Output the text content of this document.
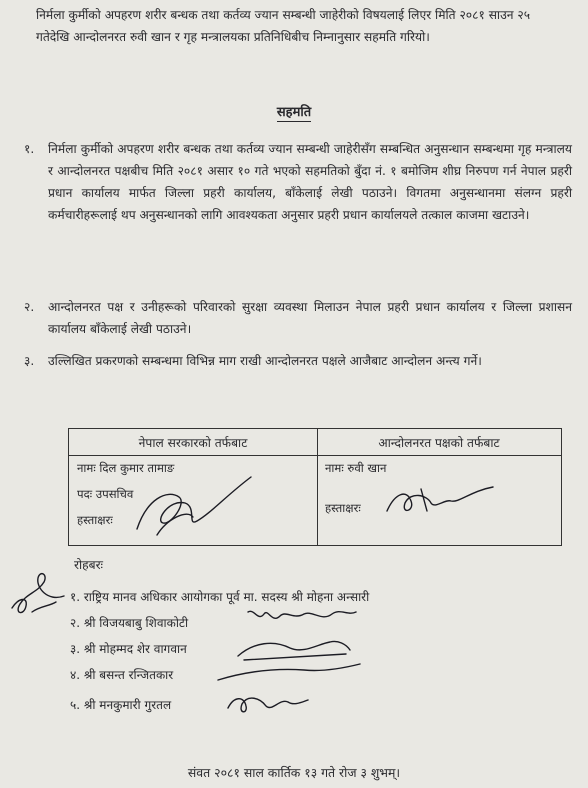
निर्मला कुर्मीको अपहरण शरीर बन्धक तथा कर्तव्य ज्यान सम्बन्धी जाहेरीको विषयलाई लिएर मिति २०८१ साउन २५ गतेदेखि आन्दोलनरत रुवी खान र गृह मन्त्रालयका प्रतिनिधिबीच निम्नानुसार सहमति गरियो।
सहमति
१.	निर्मला कुर्मीको अपहरण शरीर बन्धक तथा कर्तव्य ज्यान सम्बन्धी जाहेरीसँग सम्बन्धित अनुसन्धान सम्बन्धमा गृह मन्त्रालय र आन्दोलनरत पक्षबीच मिति २०८१ असार १० गते भएको सहमतिको बुँदा नं. १ बमोजिम शीघ्र निरुपण गर्न नेपाल प्रहरी प्रधान कार्यालय मार्फत जिल्ला प्रहरी कार्यालय, बाँकेलाई लेखी पठाउने। विगतमा अनुसन्धानमा संलग्न प्रहरी कर्मचारीहरूलाई थप अनुसन्धानको लागि आवश्यकता अनुसार प्रहरी प्रधान कार्यालयले तत्काल काजमा खटाउने।
२.	आन्दोलनरत पक्ष र उनीहरूको परिवारको सुरक्षा व्यवस्था मिलाउन नेपाल प्रहरी प्रधान कार्यालय र जिल्ला प्रशासन कार्यालय बाँकेलाई लेखी पठाउने।
३.	उल्लिखित प्रकरणको सम्बन्धमा विभिन्न माग राखी आन्दोलनरत पक्षले आजैबाट आन्दोलन अन्त्य गर्ने।
नेपाल सरकारको तर्फबाट
नामः दिल कुमार तामाङ
पदः उपसचिव
हस्ताक्षरः
आन्दोलनरत पक्षको तर्फबाट
नामः रुवी खान
हस्ताक्षरः
रोहबरः
१. राष्ट्रिय मानव अधिकार आयोगका पूर्व मा. सदस्य श्री मोहना अन्सारी
२. श्री विजयबाबु शिवाकोटी
३. श्री मोहम्मद शेर वागवान
४. श्री बसन्त रन्जितकार
५. श्री मनकुमारी गुरतल
संवत २०८१ साल कार्तिक १३ गते रोज ३ शुभम्।
